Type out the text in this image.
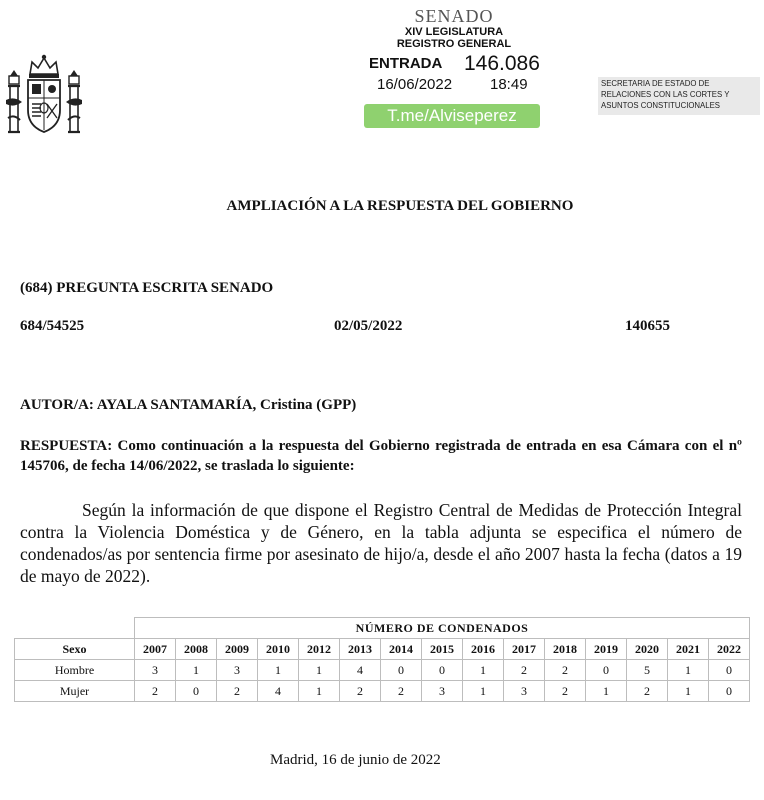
SENADO
XIV LEGISLATURA
REGISTRO GENERAL
ENTRADA 146.086
16/06/2022	18:49
T.me/Alviseperez
SECRETARIA DE ESTADO DE
RELACIONES CON LAS CORTES Y
ASUNTOS CONSTITUCIONALES
AMPLIACIÓN A LA RESPUESTA DEL GOBIERNO
(684) PREGUNTA ESCRITA SENADO
684/54525	02/05/2022	140655
AUTOR/A: AYALA SANTAMARÍA, Cristina (GPP)
RESPUESTA: Como continuación a la respuesta del Gobierno registrada de entrada en esa Cámara con el nº 145706, de fecha 14/06/2022, se traslada lo siguiente:
Según la información de que dispone el Registro Central de Medidas de Protección Integral contra la Violencia Doméstica y de Género, en la tabla adjunta se especifica el número de condenados/as por sentencia firme por asesinato de hijo/a, desde el año 2007 hasta la fecha (datos a 19 de mayo de 2022).
	NÚMERO DE CONDENADOS														
Sexo	2007	2008	2009	2010	2012	2013	2014	2015	2016	2017	2018	2019	2020	2021	2022
Hombre	3	1	3	1	1	4	0	0	1	2	2	0	5	1	0
Mujer	2	0	2	4	1	2	2	3	1	3	2	1	2	1	0
Madrid, 16 de junio de 2022
